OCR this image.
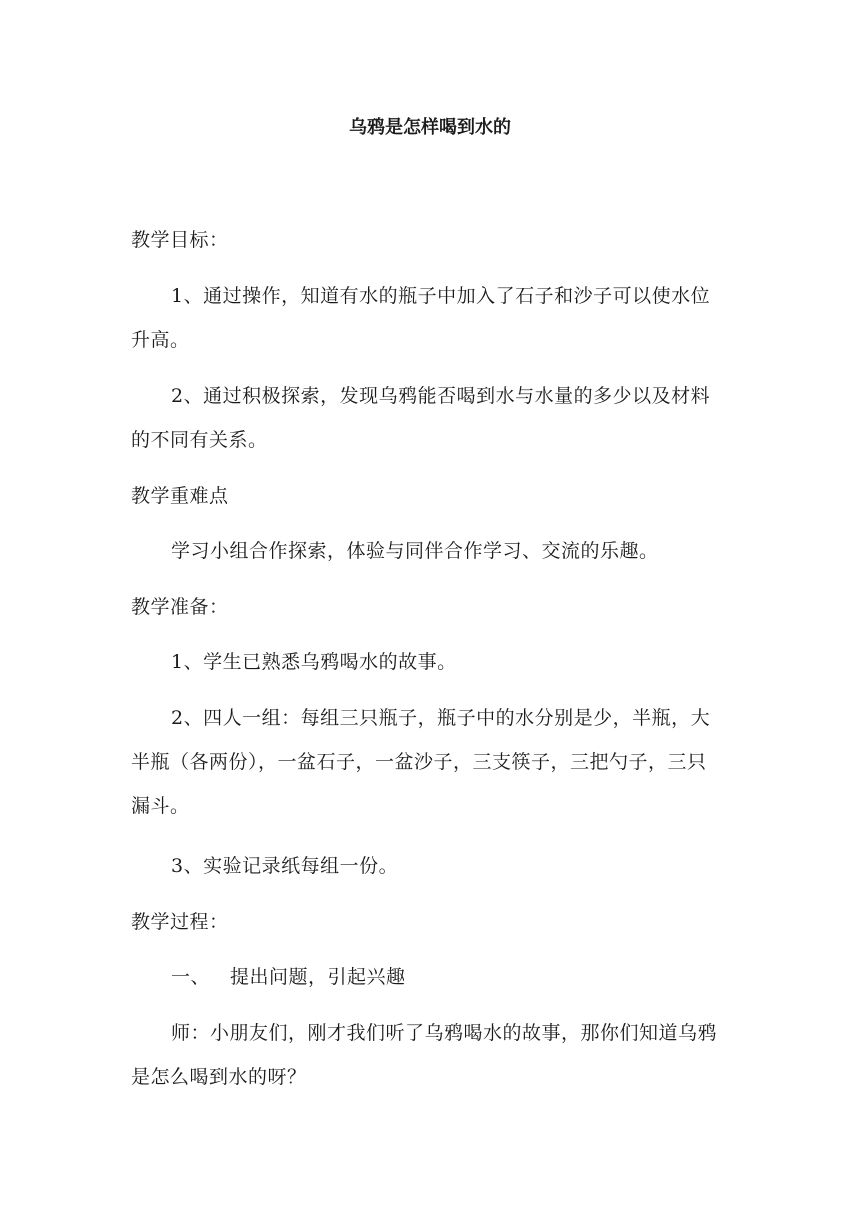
乌鸦是怎样喝到水的

教学目标：

1、通过操作，知道有水的瓶子中加入了石子和沙子可以使水位
升高。

2、通过积极探索，发现乌鸦能否喝到水与水量的多少以及材料
的不同有关系。

教学重难点

学习小组合作探索，体验与同伴合作学习、交流的乐趣。

教学准备：

1、学生已熟悉乌鸦喝水的故事。

2、四人一组：每组三只瓶子，瓶子中的水分别是少，半瓶，大
半瓶（各两份），一盆石子，一盆沙子，三支筷子，三把勺子，三只
漏斗。

3、实验记录纸每组一份。

教学过程：

一、 提出问题，引起兴趣

师：小朋友们，刚才我们听了乌鸦喝水的故事，那你们知道乌鸦
是怎么喝到水的呀？
